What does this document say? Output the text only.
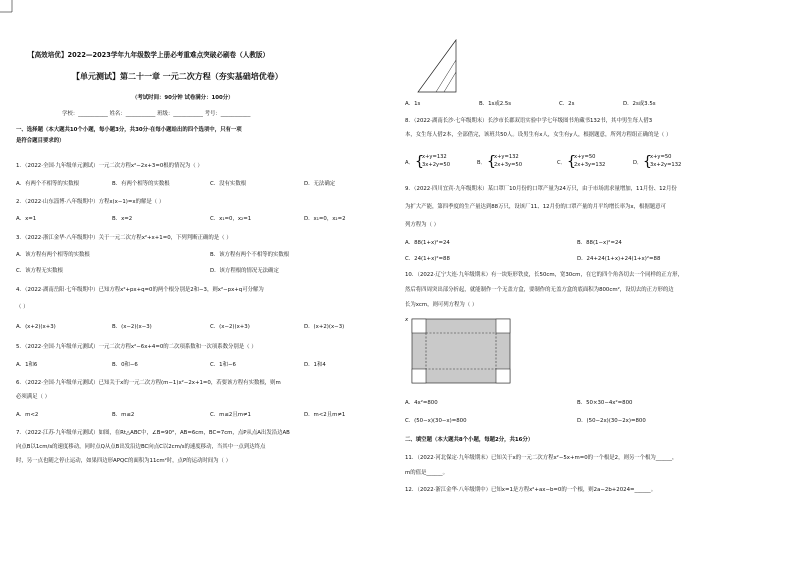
【高效培优】2022—2023学年九年级数学上册必考重难点突破必刷卷（人教版）
【单元测试】第二十一章 一元二次方程（夯实基础培优卷）
（考试时间：90分钟 试卷满分：100分）
学校：___________ 姓名：___________ 班级：___________ 考号：___________
一、选择题（本大题共10个小题，每小题3分，共30分·在每小题给出的四个选项中，只有一项
是符合题目要求的）
1．（2022·全国·九年级单元测试）一元二次方程x²−2x+3=0根的情况为（ ）
A．有两个不相等的实数根	B．有两个相等的实数根	C．没有实数根	D．无法确定
2．（2022·山东淄博·八年级期中）方程x(x−1)=x的解是（ ）
A．x=1	B．x=2	C．x₁=0，x₂=1	D．x₁=0，x₂=2
3．（2022·浙江金华·八年级期中）关于一元二次方程x²+x+1=0，下列判断正确的是（ ）
A．该方程有两个相等的实数根	B．该方程有两个不相等的实数根
C．该方程无实数根	D．该方程根的情况无法确定
4．（2022·湖南岳阳·七年级期中）已知方程x²+px+q=0的两个根分别是2和−3，则x²−px+q可分解为
（ ）
A．(x+2)(x+3)	B．(x−2)(x−3)	C．(x−2)(x+3)	D．(x+2)(x−3)
5．（2022·全国·九年级单元测试）一元二次方程x²−6x+4=0的二次项系数和一次项系数分别是（ ）
A．1和6	B．0和−6	C．1和−6	D．1和4
6．（2022·全国·九年级单元测试）已知关于x的一元二次方程(m−1)x²−2x+1=0，若要该方程有实数根，则m
必须满足（ ）
A．m<2	B．m≤2	C．m≤2且m≠1	D．m<2且m≠1
7．（2022·江苏·九年级单元测试）如图，在Rt△ABC中，∠B=90°，AB=6cm，BC=7cm，点P从点A出发沿边AB
向点B以1cm/s的速度移动，同时点Q从点B出发沿边BC向点C以2cm/s的速度移动，当其中一点到达终点
时，另一点也随之停止运动，如果四边形APQC的面积为11cm²时，点P的运动时间为（ ）
A．1s	B．1s或2.5s	C．2s	D．2s或3.5s
8．（2022·湖南长沙·七年级期末）长沙市长郡双语实验中学七年级图书角藏书132书，其中男生每人借3
本，女生每人借2本，全部借完，该班共50人。设男生有x人，女生有y人，根据题意，所列方程组正确的是（ ）
A． {
x+y=132
3x+2y=50	B． {
x+y=132
2x+3y=50	C． {
x+y=50
2x+3y=132	D． {
x+y=50
3x+2y=132
9．（2022·四川宜宾·九年级期末）某口罩厂10月份的口罩产量为24万只，由于市场需求量增加，11月份、12月份
为扩大产能，第四季度的生产量达到88万只，设该厂11、12月份的口罩产量的月平均增长率为x，根据题意可
列方程为（ ）
A．88(1+x)²=24	B．88(1−x)²=24
C．24(1+x)²=88	D．24+24(1+x)+24(1+x)²=88
10．（2022·辽宁大连·九年级期末）有一块矩形铁皮，长50cm，宽30cm，在它的四个角各切去一个同样的正方形，
然后将四周突出部分折起，就能制作一个无盖方盒，要制作的无盖方盒的底面积为800cm²，设切去的正方形的边
长为xcm，则可列方程为（ ）
x
A．4x²=800	B．50×30−4x²=800
C．(50−x)(30−x)=800	D．(50−2x)(30−2x)=800
二、填空题（本大题共8个小题，每题2分，共16分）
11．（2022·河北保定·九年级期末）已知关于x的一元二次方程x²−5x+m=0的一个根是2，则另一个根为______，
m的值是______。
12．（2022·浙江金华·八年级期中）已知x=1是方程x²+ax−b=0的一个根，则2a−2b+2024=______。
